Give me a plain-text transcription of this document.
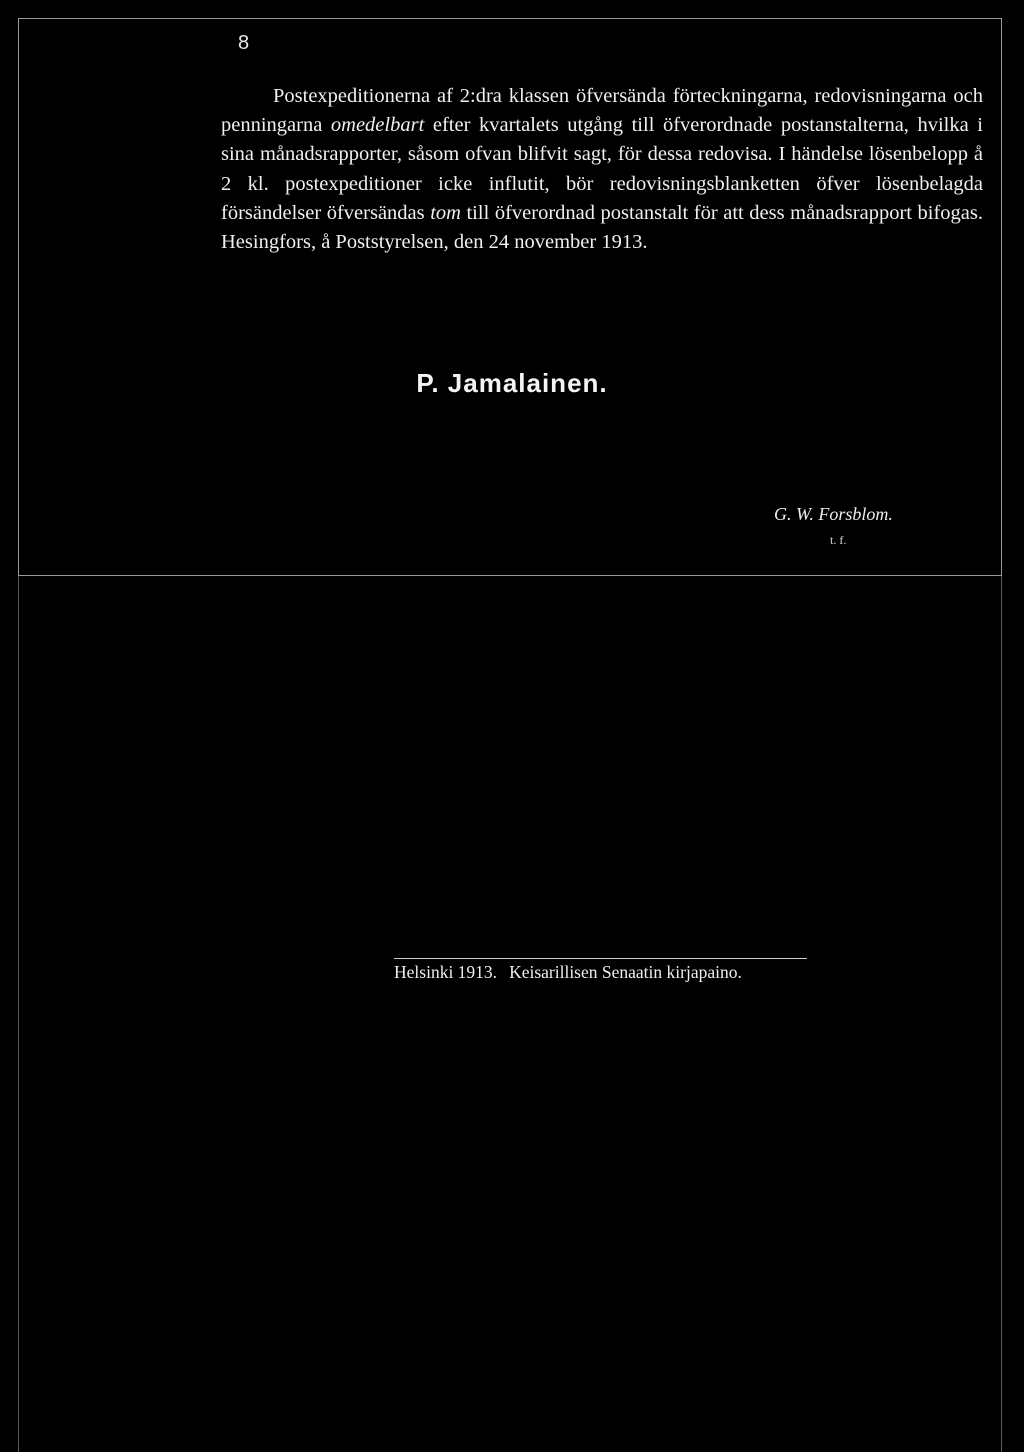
8

Postexpeditionerna af 2:dra klassen öfversända förteckningarna, redovisningarna och penningarna omedelbart efter kvartalets utgång till öfverordnade postanstalterna, hvilka i sina månadsrapporter, såsom ofvan blifvit sagt, för dessa redovisa. I händelse lösenbelopp å 2 kl. postexpeditioner icke influtit, bör redovisningsblanketten öfver lösenbelagda försändelser öfversändas tom till öfverordnad postanstalt för att dess månadsrapport bifogas. Hesingfors, å Poststyrelsen, den 24 november 1913.

P. Jamalainen.
G. W. Forsblom.
t. f.
Helsinki 1913. Keisarillisen Senaatin kirjapaino.
